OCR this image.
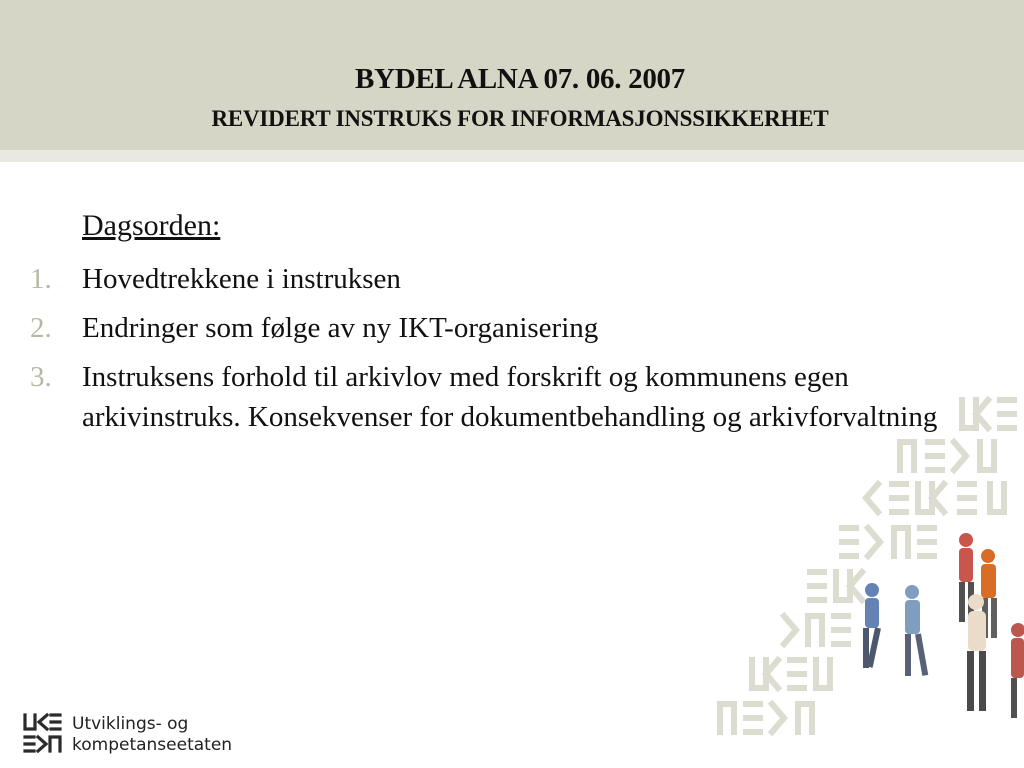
BYDEL ALNA 07. 06. 2007
REVIDERT INSTRUKS FOR INFORMASJONSSIKKERHET
Dagsorden:
1. Hovedtrekkene i instruksen
2. Endringer som følge av ny IKT-organisering
3. Instruksens forhold til arkivlov med forskrift og kommunens egen arkivinstruks. Konsekvenser for dokumentbehandling og arkivforvaltning
Utviklings- og
kompetanseetaten
